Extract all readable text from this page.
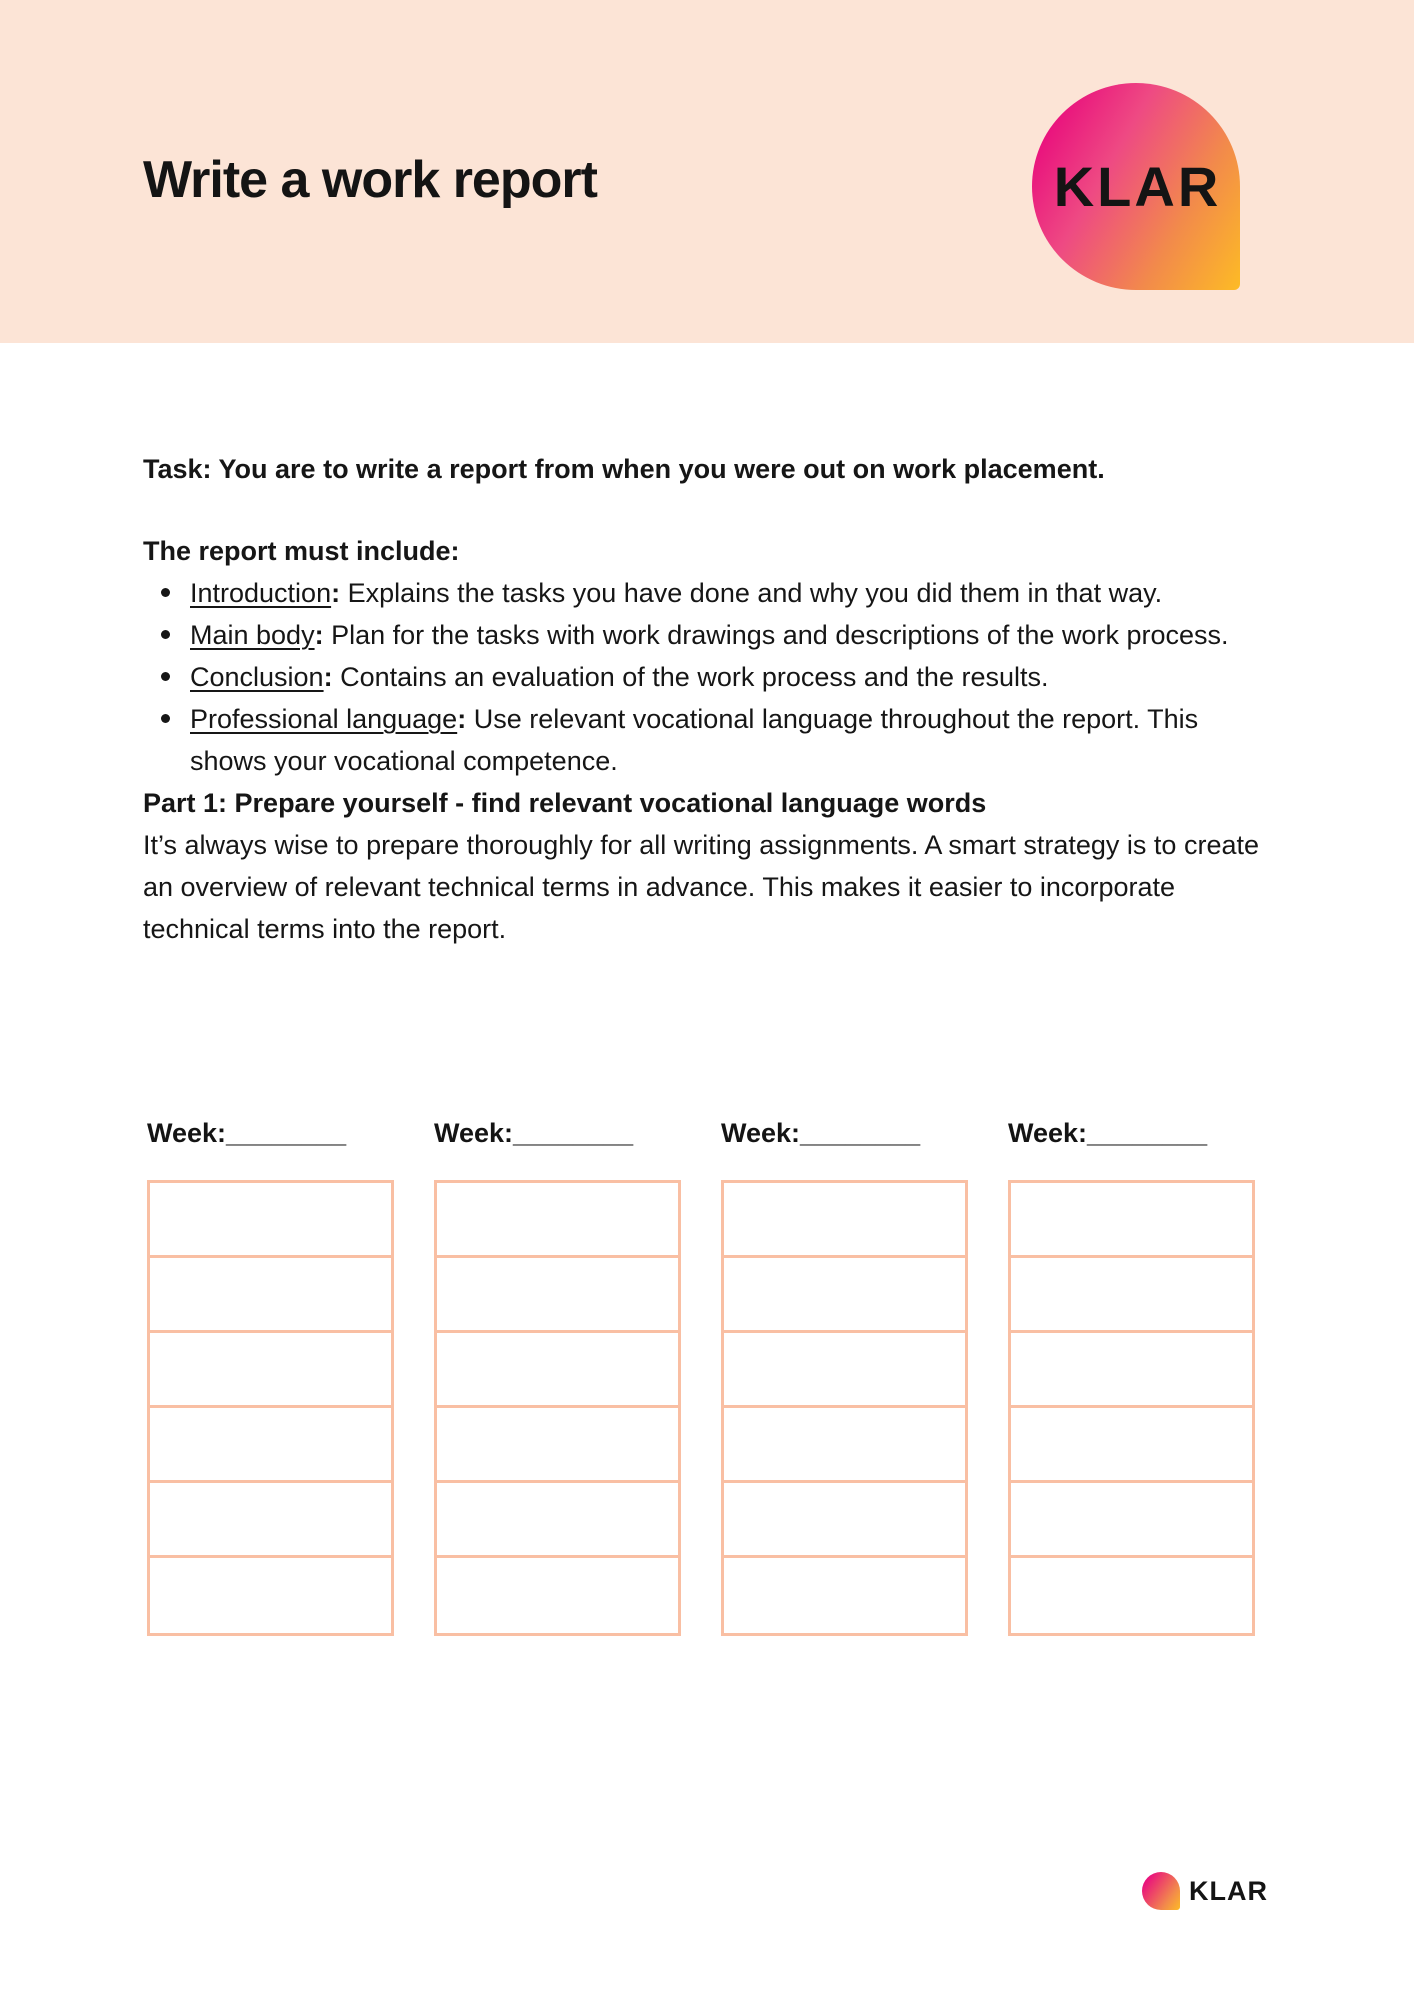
Write a work report	KLAR

Task: You are to write a report from when you were out on work placement.

The report must include:

Introduction: Explains the tasks you have done and why you did them in that way.
Main body: Plan for the tasks with work drawings and descriptions of the work process.
Conclusion: Contains an evaluation of the work process and the results.
Professional language: Use relevant vocational language throughout the report. This shows your vocational competence.

Part 1: Prepare yourself - find relevant vocational language words

It’s always wise to prepare thoroughly for all writing assignments. A smart strategy is to create an overview of relevant technical terms in advance. This makes it easier to incorporate technical terms into the report.

Week:________	Week:________	Week:________	Week:________

KLAR
